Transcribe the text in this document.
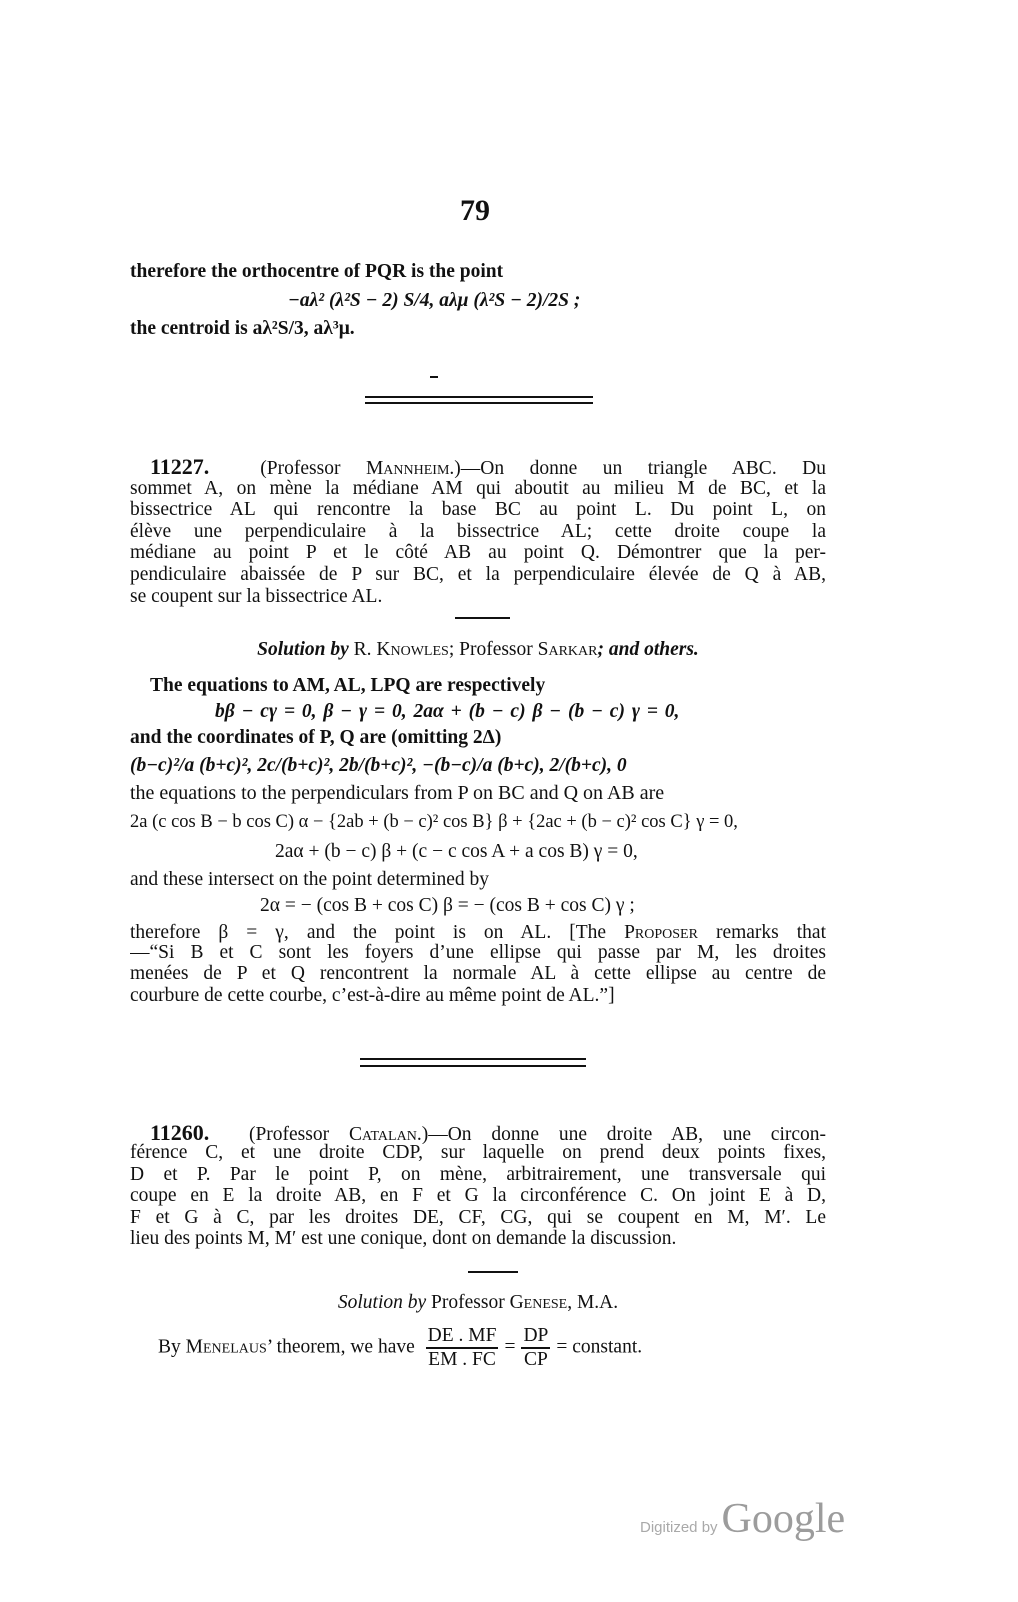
79
therefore the orthocentre of PQR is the point
−aλ² (λ²S − 2) S/4, aλμ (λ²S − 2)/2S ;
the centroid is aλ²S/3, aλ³μ.
11227.	(Professor Mannheim.)—On donne un triangle ABC. Du
sommet A, on mène la médiane AM qui aboutit au milieu M de BC, et la
bissectrice AL qui rencontre la base BC au point L. Du point L, on
élève une perpendiculaire à la bissectrice AL; cette droite coupe la
médiane au point P et le côté AB au point Q. Démontrer que la per-
pendiculaire abaissée de P sur BC, et la perpendiculaire élevée de Q à AB,
se coupent sur la bissectrice AL.
Solution by R. Knowles; Professor Sarkar; and others.
The equations to AM, AL, LPQ are respectively
bβ − cγ = 0, β − γ = 0, 2aα + (b − c) β − (b − c) γ = 0,
and the coordinates of P, Q are (omitting 2Δ)
(b−c)²/a (b+c)², 2c/(b+c)², 2b/(b+c)², −(b−c)/a (b+c), 2/(b+c), 0
the equations to the perpendiculars from P on BC and Q on AB are
2a (c cos B − b cos C) α − {2ab + (b − c)² cos B} β + {2ac + (b − c)² cos C} γ = 0,
2aα + (b − c) β + (c − c cos A + a cos B) γ = 0,
and these intersect on the point determined by
2α = − (cos B + cos C) β = − (cos B + cos C) γ ;
therefore β = γ, and the point is on AL. [The Proposer remarks that
—“Si B et C sont les foyers d’une ellipse qui passe par M, les droites
menées de P et Q rencontrent la normale AL à cette ellipse au centre de
courbure de cette courbe, c’est-à-dire au même point de AL.”]
11260. (Professor Catalan.)—On donne une droite AB, une circon-
férence C, et une droite CDP, sur laquelle on prend deux points fixes,
D et P. Par le point P, on mène, arbitrairement, une transversale qui
coupe en E la droite AB, en F et G la circonférence C. On joint E à D,
F et G à C, par les droites DE, CF, CG, qui se coupent en M, M′. Le
lieu des points M, M′ est une conique, dont on demande la discussion.
Solution by Professor Genese, M.A.
By Menelaus’ theorem, we have $\frac{DE . MF}{EM . FC} = \frac{DP}{CP}$ = constant.
Digitized byGoogle
